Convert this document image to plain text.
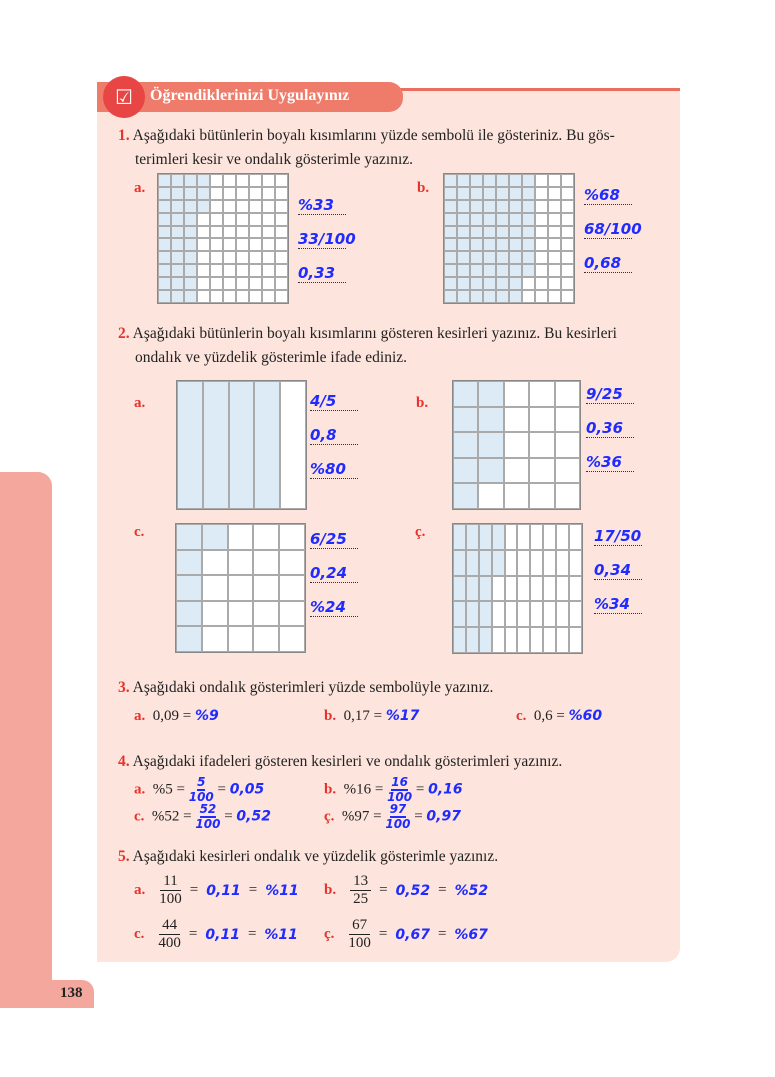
138
☑	Öğrendiklerinizi Uygulayınız
1. Aşağıdaki bütünlerin boyalı kısımlarını yüzde sembolü ile gösteriniz. Bu gös-
terimleri kesir ve ondalık gösterimle yazınız.
a.
%33
33/100
0,33
b.	%68
68/100
0,68
a.	4/5
0,8
%80
b.	9/25
0,36
%36
c.	6/25
0,24
%24
ç.	17/50
0,34
%34
a. 0,09 = %9	b. 0,17 = %17	c. 0,6 = %60
a. $\%5 = \frac{5}{100} = 0,05$	b. $\%16 = \frac{16}{100} = 0,16$
c. $\%52 = \frac{52}{100} = 0,52$	ç. $\%97 = \frac{97}{100} = 0,97$
a. $\frac{11}{100} = 0,11 = \%11$ b. $\frac{13}{25} = 0,52 = \%52$
c. $\frac{44}{400} = 0,11 = \%11$ ç. $\frac{67}{100} = 0,67 = \%67$
3. Aşağıdaki ondalık gösterimleri yüzde sembolüyle yazınız.
4. Aşağıdaki ifadeleri gösteren kesirleri ve ondalık gösterimleri yazınız.
5. Aşağıdaki kesirleri ondalık ve yüzdelik gösterimle yazınız.
2. Aşağıdaki bütünlerin boyalı kısımlarını gösteren kesirleri yazınız. Bu kesirleri
ondalık ve yüzdelik gösterimle ifade ediniz.
